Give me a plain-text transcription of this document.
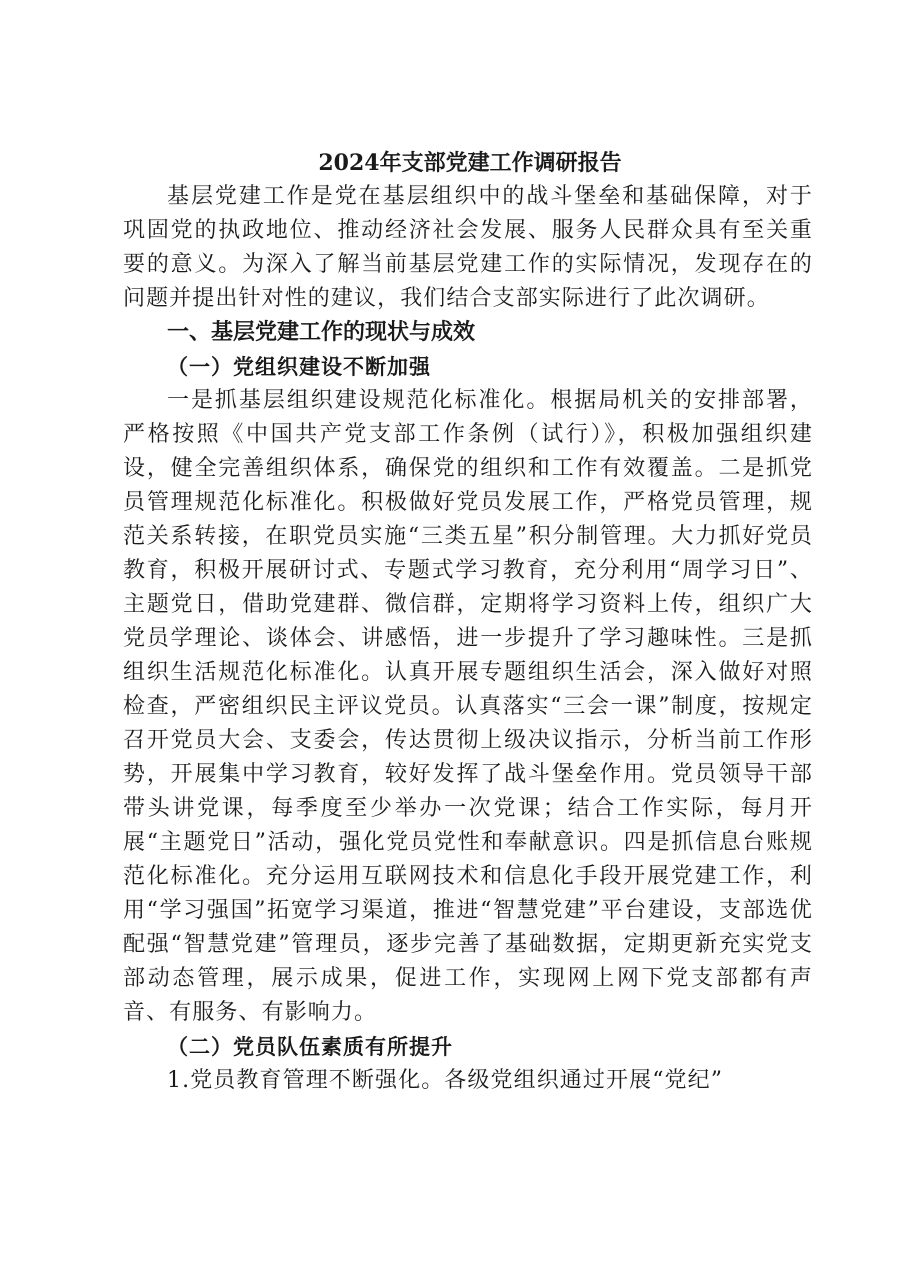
2024年支部党建工作调研报告

基层党建工作是党在基层组织中的战斗堡垒和基础保障，对于巩固党的执政地位、推动经济社会发展、服务人民群众具有至关重要的意义。为深入了解当前基层党建工作的实际情况，发现存在的问题并提出针对性的建议，我们结合支部实际进行了此次调研。

一、基层党建工作的现状与成效
（一）党组织建设不断加强

一是抓基层组织建设规范化标准化。根据局机关的安排部署，严格按照《中国共产党支部工作条例（试行）》，积极加强组织建设，健全完善组织体系，确保党的组织和工作有效覆盖。二是抓党员管理规范化标准化。积极做好党员发展工作，严格党员管理，规范关系转接，在职党员实施“三类五星”积分制管理。大力抓好党员教育，积极开展研讨式、专题式学习教育，充分利用“周学习日”、主题党日，借助党建群、微信群，定期将学习资料上传，组织广大党员学理论、谈体会、讲感悟，进一步提升了学习趣味性。三是抓组织生活规范化标准化。认真开展专题组织生活会，深入做好对照检查，严密组织民主评议党员。认真落实“三会一课”制度，按规定召开党员大会、支委会，传达贯彻上级决议指示，分析当前工作形势，开展集中学习教育，较好发挥了战斗堡垒作用。党员领导干部带头讲党课，每季度至少举办一次党课；结合工作实际，每月开展“主题党日”活动，强化党员党性和奉献意识。四是抓信息台账规范化标准化。充分运用互联网技术和信息化手段开展党建工作，利用“学习强国”拓宽学习渠道，推进“智慧党建”平台建设，支部选优配强“智慧党建”管理员，逐步完善了基础数据，定期更新充实党支部动态管理，展示成果，促进工作，实现网上网下党支部都有声音、有服务、有影响力。

（二）党员队伍素质有所提升

1.党员教育管理不断强化。各级党组织通过开展“党纪”
